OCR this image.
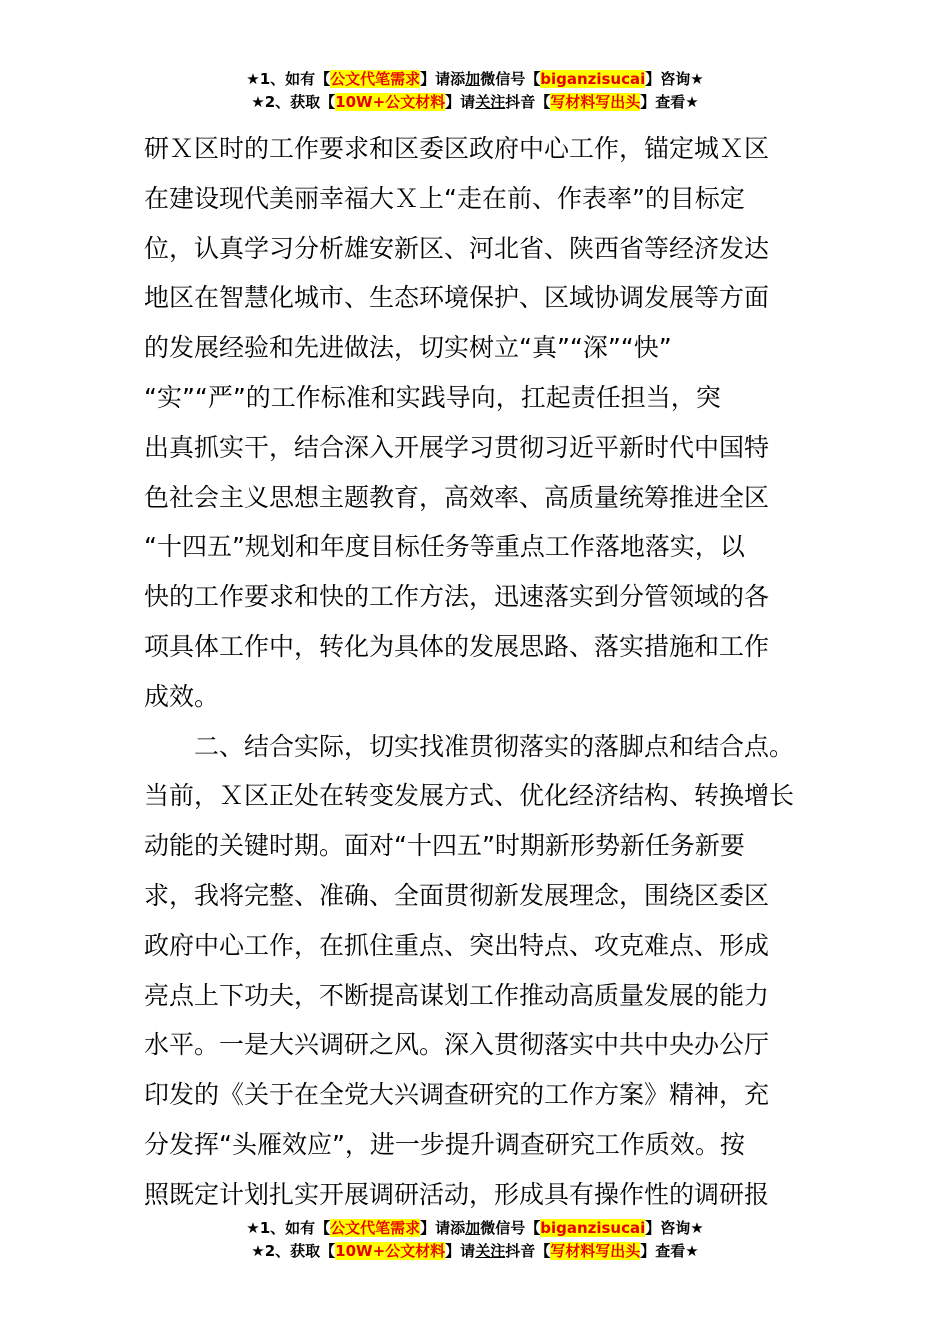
★1、如有【公文代笔需求】请添加微信号【biganzisucai】咨询★
★2、获取【10W+公文材料】请关注抖音【写材料写出头】查看★
研Ｘ区时的工作要求和区委区政府中心工作，锚定城Ｘ区
在建设现代美丽幸福大Ｘ上“走在前、作表率”的目标定
位，认真学习分析雄安新区、河北省、陕西省等经济发达
地区在智慧化城市、生态环境保护、区域协调发展等方面
的发展经验和先进做法，切实树立“真”“深”“快”
“实”“严”的工作标准和实践导向，扛起责任担当，突
出真抓实干，结合深入开展学习贯彻习近平新时代中国特
色社会主义思想主题教育，高效率、高质量统筹推进全区
“十四五”规划和年度目标任务等重点工作落地落实，以
快的工作要求和快的工作方法，迅速落实到分管领域的各
项具体工作中，转化为具体的发展思路、落实措施和工作
成效。
二、结合实际，切实找准贯彻落实的落脚点和结合点。
当前，Ｘ区正处在转变发展方式、优化经济结构、转换增长
动能的关键时期。面对“十四五”时期新形势新任务新要
求，我将完整、准确、全面贯彻新发展理念，围绕区委区
政府中心工作，在抓住重点、突出特点、攻克难点、形成
亮点上下功夫，不断提高谋划工作推动高质量发展的能力
水平。一是大兴调研之风。深入贯彻落实中共中央办公厅
印发的《关于在全党大兴调查研究的工作方案》精神，充
分发挥“头雁效应”，进一步提升调查研究工作质效。按
照既定计划扎实开展调研活动，形成具有操作性的调研报
★1、如有【公文代笔需求】请添加微信号【biganzisucai】咨询★
★2、获取【10W+公文材料】请关注抖音【写材料写出头】查看★
